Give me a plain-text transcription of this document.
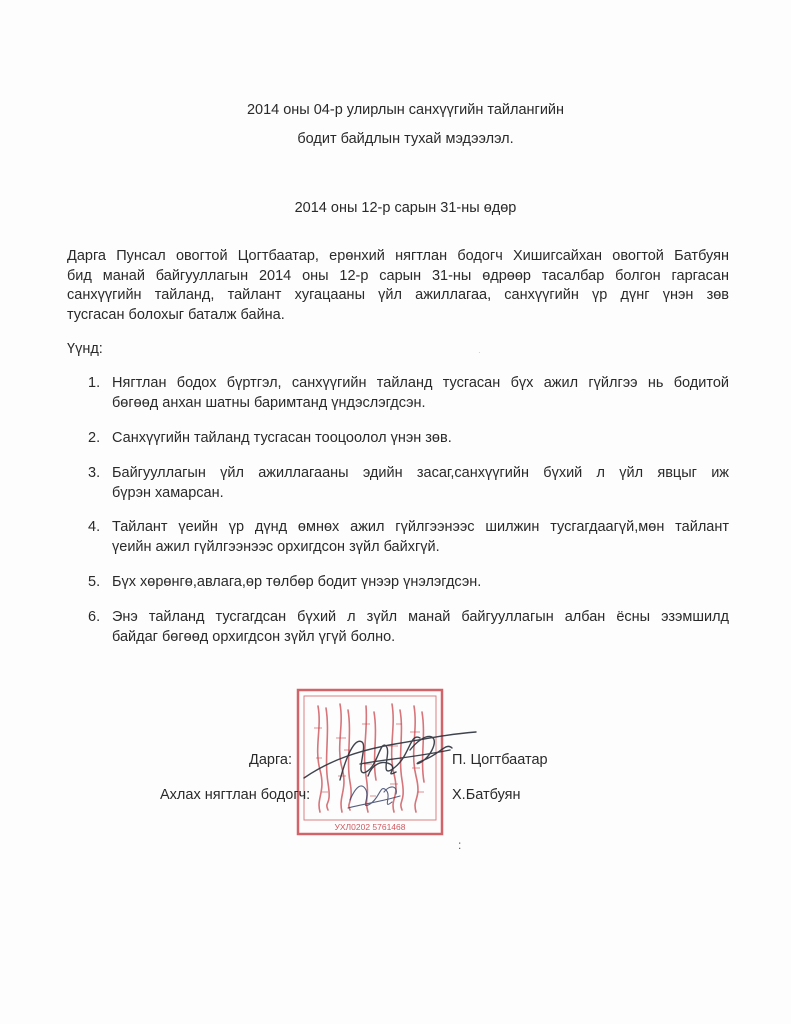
2014 оны 04-р улирлын санхүүгийн тайлангийн
бодит байдлын тухай мэдээлэл.
2014 оны 12-р сарын 31-ны өдөр
Дарга Пунсал овогтой Цогтбаатар, ерөнхий нягтлан бодогч Хишигсайхан овогтой Батбуян
бид манай байгууллагын 2014 оны 12-р сарын 31-ны өдрөөр тасалбар болгон гаргасан
санхүүгийн тайланд, тайлант хугацааны үйл ажиллагаа, санхүүгийн үр дүнг үнэн зөв
тусгасан болохыг баталж байна.
Үүнд:
1. Нягтлан бодох бүртгэл, санхүүгийн тайланд тусгасан бүх ажил гүйлгээ нь бодитой
бөгөөд анхан шатны баримтанд үндэслэгдсэн.
2. Санхүүгийн тайланд тусгасан тооцоолол үнэн зөв.
3. Байгууллагын үйл ажиллагааны эдийн засаг,санхүүгийн бүхий л үйл явцыг иж
бүрэн хамарсан.
4. Тайлант үеийн үр дүнд өмнөх ажил гүйлгээнээс шилжин тусгагдаагүй,мөн тайлант
үеийн ажил гүйлгээнээс орхигдсон зүйл байхгүй.
5. Бүх хөрөнгө,авлага,өр төлбөр бодит үнээр үнэлэгдсэн.
6. Энэ тайланд тусгагдсан бүхий л зүйл манай байгууллагын албан ёсны эзэмшилд
байдаг бөгөөд орхигдсон зүйл үгүй болно.
УХЛ0202 5761468
Дарга:	П. Цогтбаатар
Ахлах нягтлан бодогч:	Х.Батбуян
·
:
